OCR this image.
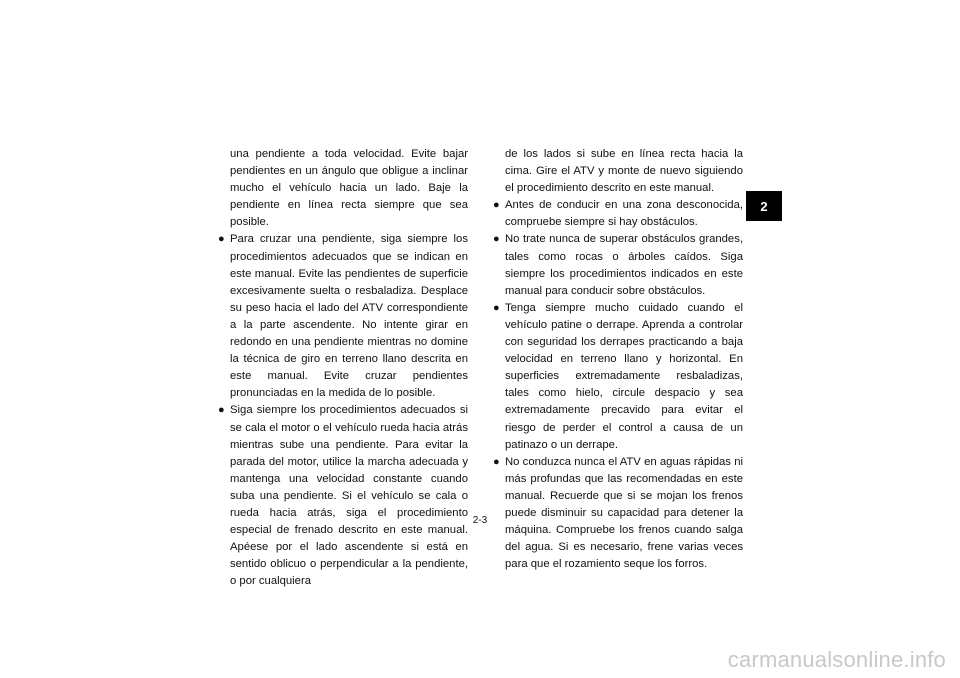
una pendiente a toda velocidad. Evite bajar pendientes en un ángulo que obligue a inclinar mucho el vehículo hacia un lado. Baje la pendiente en línea recta siempre que sea posible.

● Para cruzar una pendiente, siga siempre los procedimientos adecuados que se indican en este manual. Evite las pendientes de superficie excesivamente suelta o resbaladiza. Desplace su peso hacia el lado del ATV correspondiente a la parte ascendente. No intente girar en redondo en una pendiente mientras no domine la técnica de giro en terreno llano descrita en este manual. Evite cruzar pendientes pronunciadas en la medida de lo posible.
● Siga siempre los procedimientos adecuados si se cala el motor o el vehículo rueda hacia atrás mientras sube una pendiente. Para evitar la parada del motor, utilice la marcha adecuada y mantenga una velocidad constante cuando suba una pendiente. Si el vehículo se cala o rueda hacia atrás, siga el procedimiento especial de frenado descrito en este manual. Apéese por el lado ascendente si está en sentido oblicuo o perpendicular a la pendiente, o por cualquiera

de los lados si sube en línea recta hacia la cima. Gire el ATV y monte de nuevo siguiendo el procedimiento descrito en este manual.

● Antes de conducir en una zona desconocida, compruebe siempre si hay obstáculos.
● No trate nunca de superar obstáculos grandes, tales como rocas o árboles caídos. Siga siempre los procedimientos indicados en este manual para conducir sobre obstáculos.
● Tenga siempre mucho cuidado cuando el vehículo patine o derrape. Aprenda a controlar con seguridad los derrapes practicando a baja velocidad en terreno llano y horizontal. En superficies extremadamente resbaladizas, tales como hielo, circule despacio y sea extremadamente precavido para evitar el riesgo de perder el control a causa de un patinazo o un derrape.
● No conduzca nunca el ATV en aguas rápidas ni más profundas que las recomendadas en este manual. Recuerde que si se mojan los frenos puede disminuir su capacidad para detener la máquina. Compruebe los frenos cuando salga del agua. Si es necesario, frene varias veces para que el rozamiento seque los forros.
2
2-3
carmanualsonline.info
